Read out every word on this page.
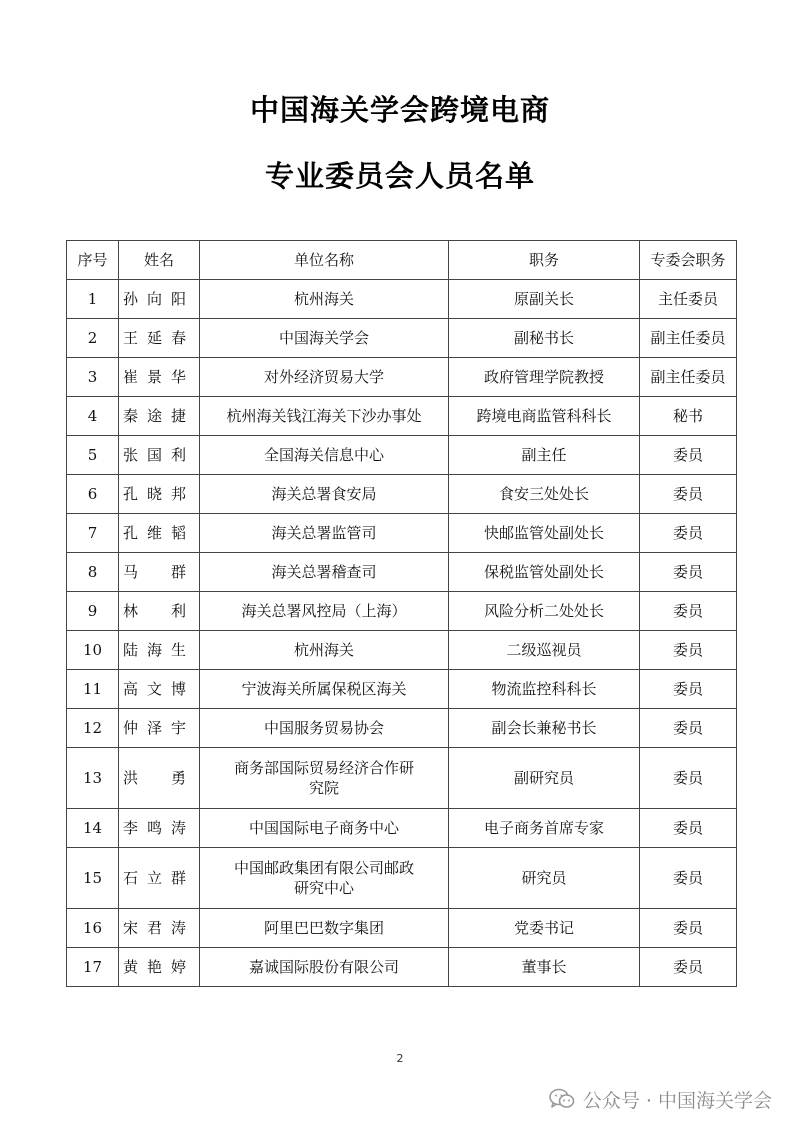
中国海关学会跨境电商
专业委员会人员名单
序号	姓名	单位名称	职务	专委会职务
1	孙向阳	杭州海关	原副关长	主任委员
2	王延春	中国海关学会	副秘书长	副主任委员
3	崔景华	对外经济贸易大学	政府管理学院教授	副主任委员
4	秦途捷	杭州海关钱江海关下沙办事处	跨境电商监管科科长	秘书
5	张国利	全国海关信息中心	副主任	委员
6	孔晓邦	海关总署食安局	食安三处处长	委员
7	孔维韬	海关总署监管司	快邮监管处副处长	委员
8	马　群	海关总署稽查司	保税监管处副处长	委员
9	林　利	海关总署风控局（上海）	风险分析二处处长	委员
10	陆海生	杭州海关	二级巡视员	委员
11	高文博	宁波海关所属保税区海关	物流监控科科长	委员
12	仲泽宇	中国服务贸易协会	副会长兼秘书长	委员
13	洪　勇	商务部国际贸易经济合作研
究院	副研究员	委员
14	李鸣涛	中国国际电子商务中心	电子商务首席专家	委员
15	石立群	中国邮政集团有限公司邮政
研究中心	研究员	委员
16	宋君涛	阿里巴巴数字集团	党委书记	委员
17	黄艳婷	嘉诚国际股份有限公司	董事长	委员
2
公众号 · 中国海关学会
